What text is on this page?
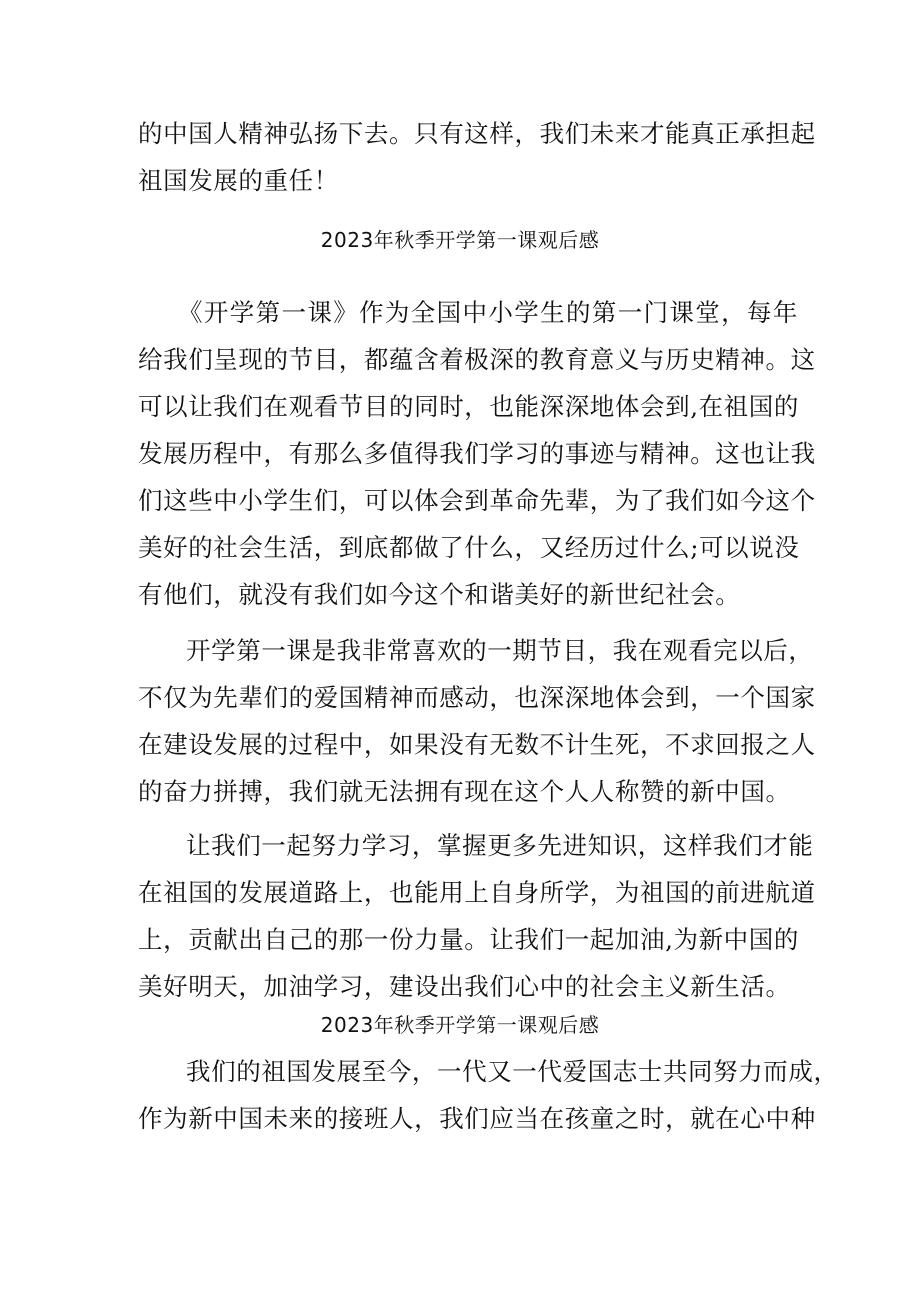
的中国人精神弘扬下去。只有这样，我们未来才能真正承担起
祖国发展的重任！
2023年秋季开学第一课观后感
《开学第一课》作为全国中小学生的第一门课堂，每年
给我们呈现的节目，都蕴含着极深的教育意义与历史精神。这
可以让我们在观看节目的同时，也能深深地体会到,在祖国的
发展历程中，有那么多值得我们学习的事迹与精神。这也让我
们这些中小学生们，可以体会到革命先辈，为了我们如今这个
美好的社会生活，到底都做了什么，又经历过什么;可以说没
有他们，就没有我们如今这个和谐美好的新世纪社会。
开学第一课是我非常喜欢的一期节目，我在观看完以后，
不仅为先辈们的爱国精神而感动，也深深地体会到，一个国家
在建设发展的过程中，如果没有无数不计生死，不求回报之人
的奋力拼搏，我们就无法拥有现在这个人人称赞的新中国。
让我们一起努力学习，掌握更多先进知识，这样我们才能
在祖国的发展道路上，也能用上自身所学，为祖国的前进航道
上，贡献出自己的那一份力量。让我们一起加油,为新中国的
美好明天，加油学习，建设出我们心中的社会主义新生活。
2023年秋季开学第一课观后感
我们的祖国发展至今，一代又一代爱国志士共同努力而成，
作为新中国未来的接班人，我们应当在孩童之时，就在心中种
